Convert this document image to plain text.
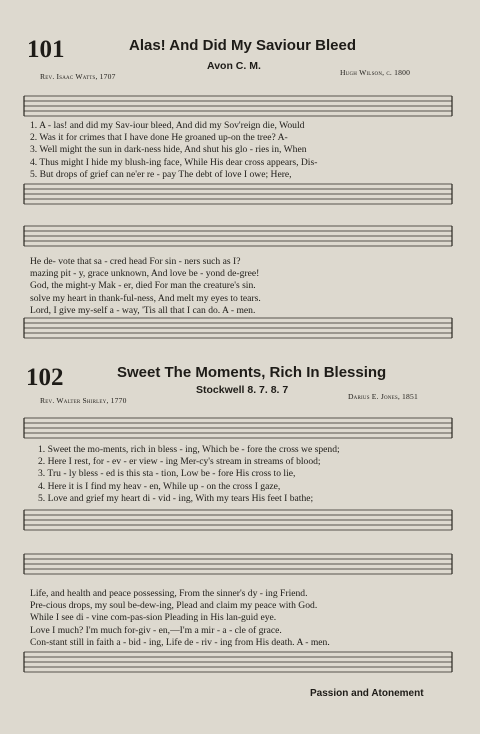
101	Alas! And Did My Saviour Bleed
Avon C. M.
Rev. Isaac Watts, 1707	Hugh Wilson, c. 1800
1. A - las! and did my Sav-iour bleed, And did my Sov'reign die, Would
2. Was it for crimes that I have done He groaned up-on the tree? A-
3. Well might the sun in dark-ness hide, And shut his glo - ries in, When
4. Thus might I hide my blush-ing face, While His dear cross appears, Dis-
5. But drops of grief can ne'er re - pay The debt of love I owe; Here,
He de- vote that sa - cred head For sin - ners such as I?
mazing pit - y, grace unknown, And love be - yond de-gree!
God, the might-y Mak - er, died For man the creature's sin.
solve my heart in thank-ful-ness, And melt my eyes to tears.
Lord, I give my-self a - way, 'Tis all that I can do. A - men.
102	Sweet The Moments, Rich In Blessing
Stockwell 8. 7. 8. 7
Rev. Walter Shirley, 1770	Darius E. Jones, 1851
1. Sweet the mo-ments, rich in bless - ing, Which be - fore the cross we spend;
2. Here I rest, for - ev - er view - ing Mer-cy's stream in streams of blood;
3. Tru - ly bless - ed is this sta - tion, Low be - fore His cross to lie,
4. Here it is I find my heav - en, While up - on the cross I gaze,
5. Love and grief my heart di - vid - ing, With my tears His feet I bathe;
Life, and health and peace possessing, From the sinner's dy - ing Friend.
Pre-cious drops, my soul be-dew-ing, Plead and claim my peace with God.
While I see di - vine com-pas-sion Pleading in His lan-guid eye.
Love I much? I'm much for-giv - en,—I'm a mir - a - cle of grace.
Con-stant still in faith a - bid - ing, Life de - riv - ing from His death. A - men.
Passion and Atonement
